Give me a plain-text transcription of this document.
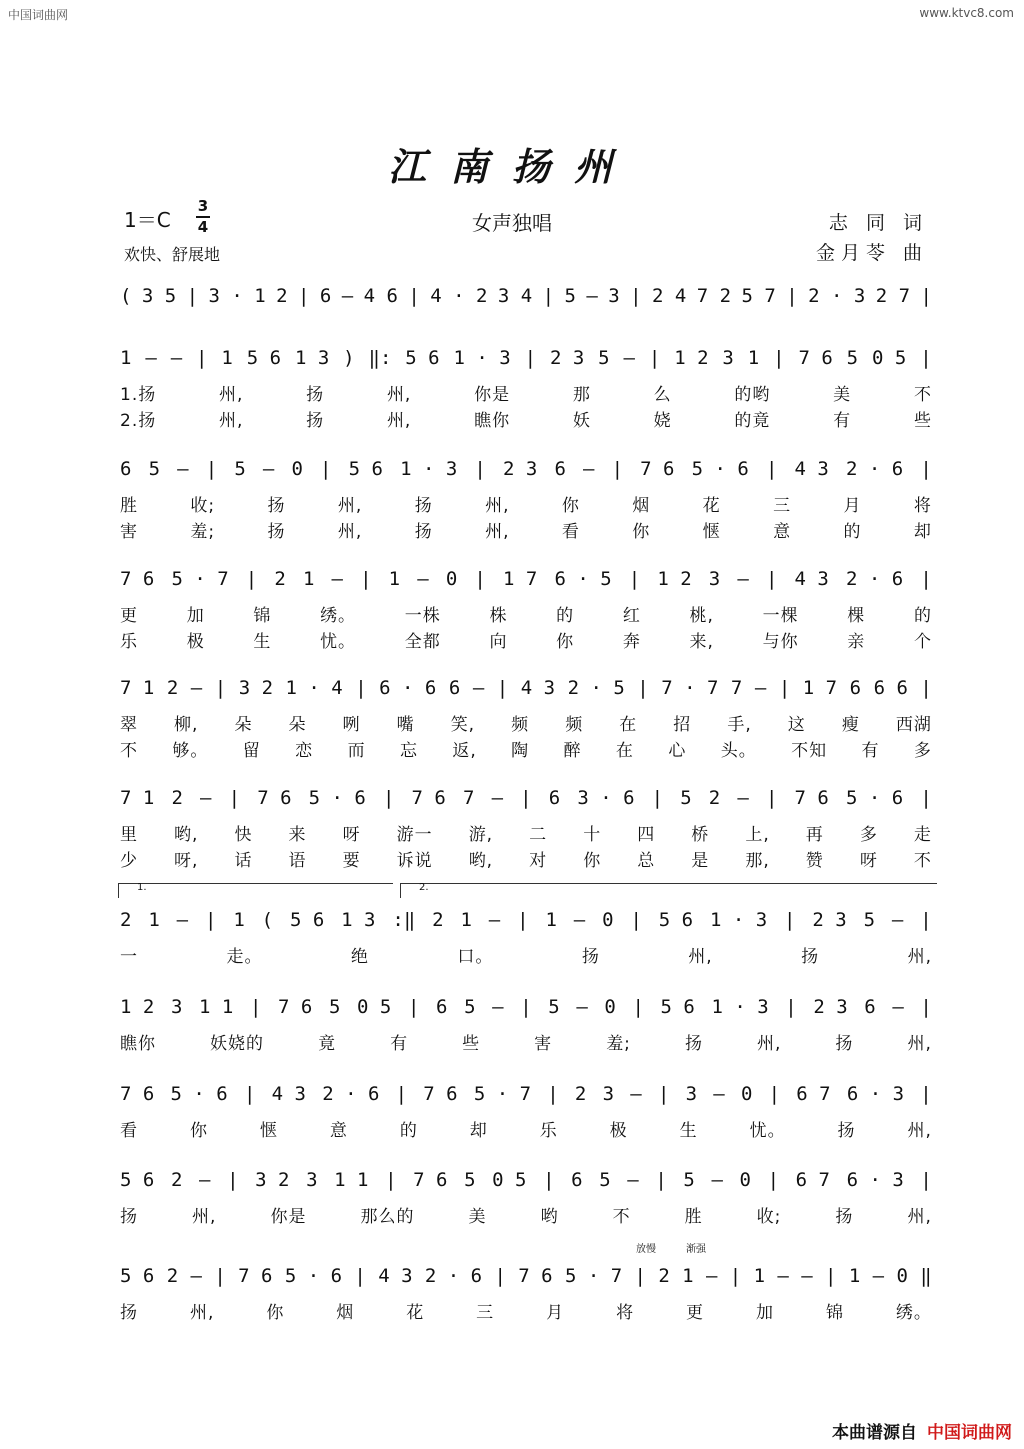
中国词曲网	www.ktvc8.com
江南扬州
1＝C
3
4	女声独唱	志 同 词
金月苓 曲
欢快、舒展地
1.	2.
放慢	渐强
( 3 5 | 3 · 1 2 | 6 — 4 6 | 4 · 2 3 4 | 5 — 3 | 2 4 7 2 5 7 | 2 · 3 2 7 |
1 — — | 1 5 6 1 3 ) ‖: 5 6 1 · 3 | 2 3 5 — | 1 2 3 1 | 7 6 5 0 5 |
1.扬	州,	扬	州,	你是	那	么	的哟	美	不
2.扬	州,	扬	州,	瞧你	妖	娆	的竟	有	些
6 5 — | 5 — 0 | 5 6 1 · 3 | 2 3 6 — | 7 6 5 · 6 | 4 3 2 · 6 |
胜	收;	扬	州,	扬	州,	你	烟	花	三	月	将
害	羞;	扬	州,	扬	州,	看	你	惬	意	的	却
7 6 5 · 7 | 2 1 — | 1 — 0 | 1 7 6 · 5 | 1 2 3 — | 4 3 2 · 6 |
更	加	锦	绣。	一株	株	的	红	桃,	一棵	棵	的
乐	极	生	忧。	全都	向	你	奔	来,	与你	亲	个
7 1 2 — | 3 2 1 · 4 | 6 · 6 6 — | 4 3 2 · 5 | 7 · 7 7 — | 1 7 6 6 6 |
翠 柳, 朵 朵 咧 嘴 笑, 频 频 在 招 手, 这 瘦 西湖
不 够。 留 恋 而 忘 返, 陶 醉 在 心 头。 不知 有 多
7 1 2 — | 7 6 5 · 6 | 7 6 7 — | 6 3 · 6 | 5 2 — | 7 6 5 · 6 |
里 哟, 快 来 呀 游一 游, 二 十 四 桥 上, 再 多 走
少 呀, 话 语 要 诉说 哟, 对 你 总 是 那, 赞 呀 不
2 1 — | 1 ( 5 6 1 3 :‖ 2 1 — | 1 — 0 | 5 6 1 · 3 | 2 3 5 — |
一	走。	绝	口。	扬	州,	扬	州,
1 2 3 1 1 | 7 6 5 0 5 | 6 5 — | 5 — 0 | 5 6 1 · 3 | 2 3 6 — |
瞧你	妖娆的	竟	有	些	害	羞;	扬	州,	扬	州,
7 6 5 · 6 | 4 3 2 · 6 | 7 6 5 · 7 | 2 3 — | 3 — 0 | 6 7 6 · 3 |
看	你	惬	意	的	却	乐	极	生	忧。	扬	州,
5 6 2 — | 3 2 3 1 1 | 7 6 5 0 5 | 6 5 — | 5 — 0 | 6 7 6 · 3 |
扬	州,	你是	那么的	美	哟	不	胜	收;	扬	州,
5 6 2 — | 7 6 5 · 6 | 4 3 2 · 6 | 7 6 5 · 7 | 2 1 — | 1 — — | 1 — 0 ‖
扬	州,	你	烟	花	三	月	将	更	加	锦	绣。
本曲谱源自 中国词曲网
